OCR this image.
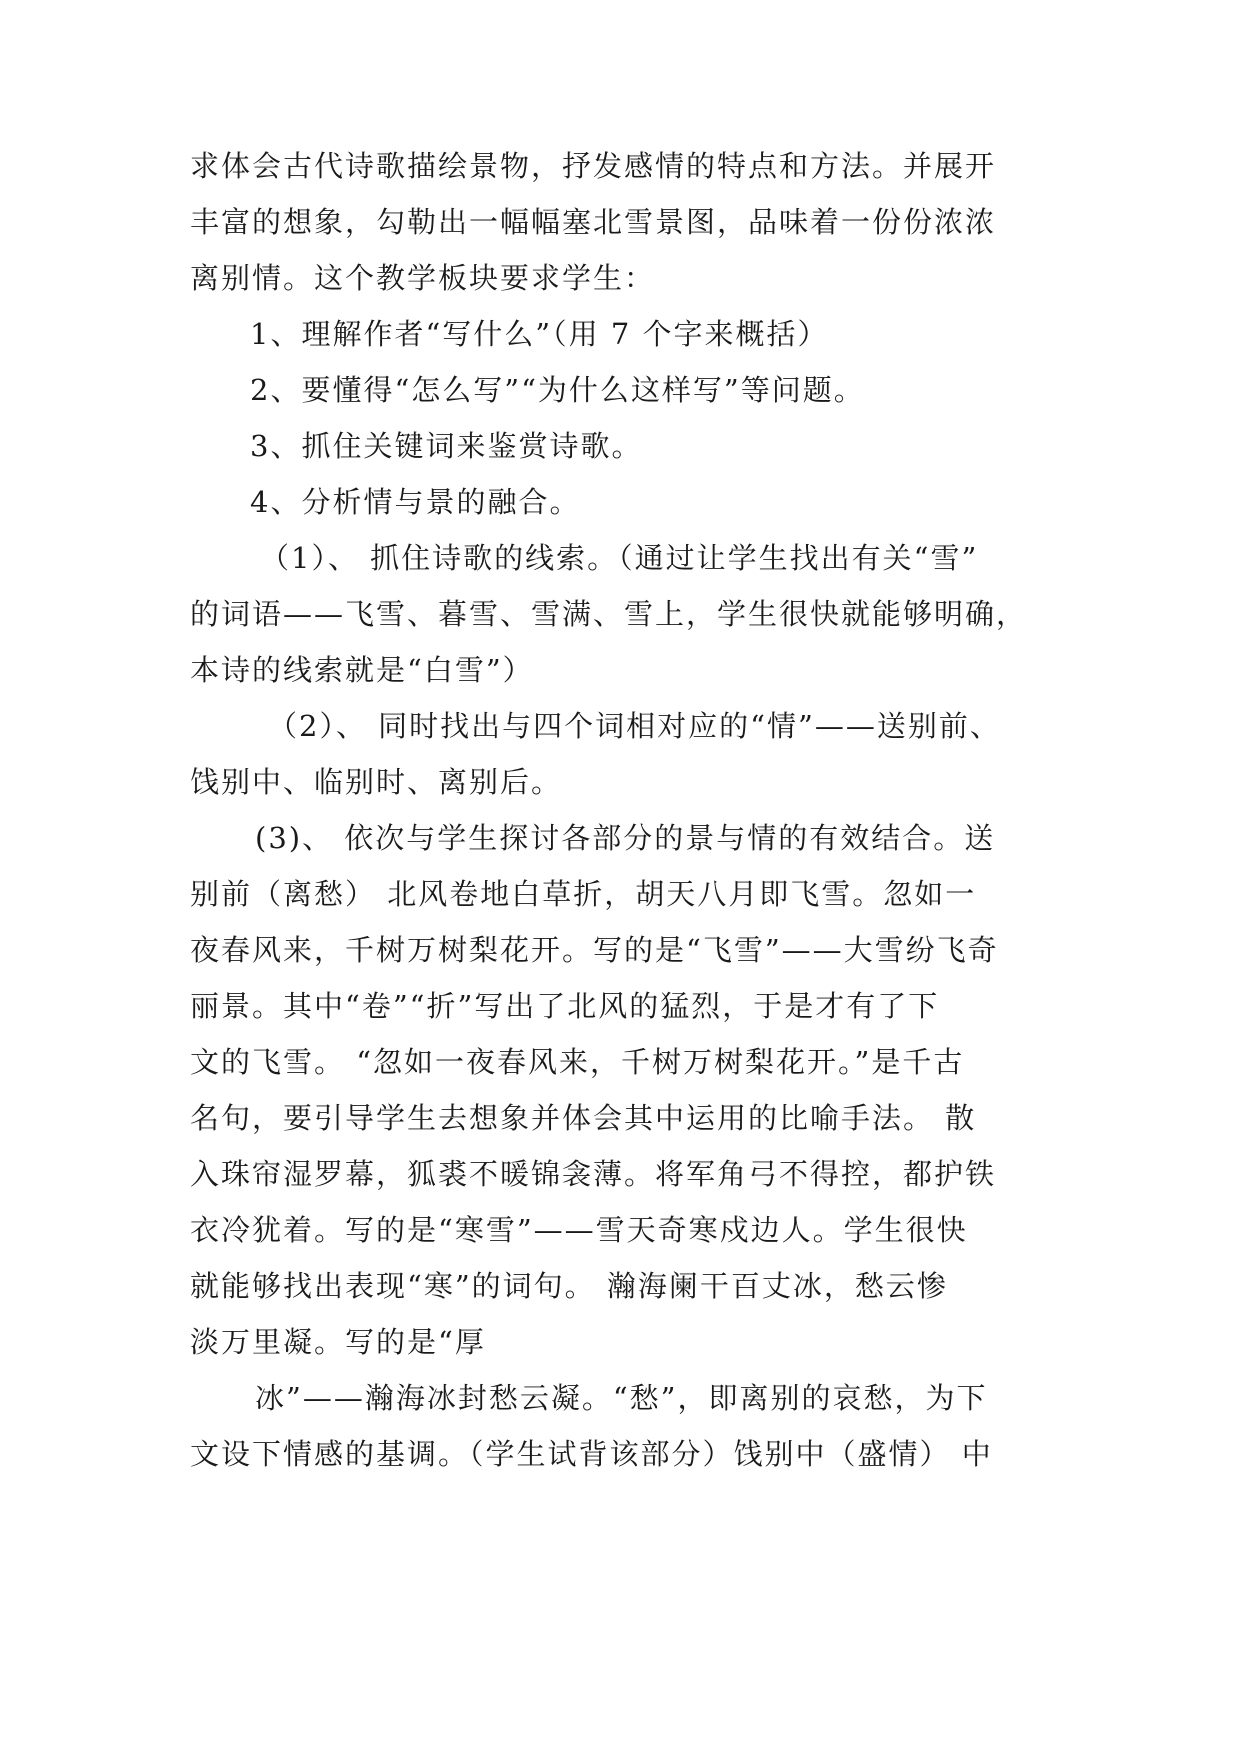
求体会古代诗歌描绘景物，抒发感情的特点和方法。并展开
丰富的想象，勾勒出一幅幅塞北雪景图，品味着一份份浓浓
离别情。这个教学板块要求学生：
1、理解作者“写什么”（用 7 个字来概括）
2、要懂得“怎么写”“为什么这样写”等问题。
3、抓住关键词来鉴赏诗歌。
4、分析情与景的融合。
（1）、 抓住诗歌的线索。（通过让学生找出有关“雪”
的词语——飞雪、暮雪、雪满、雪上，学生很快就能够明确，
本诗的线索就是“白雪”）
（2）、 同时找出与四个词相对应的“情”——送别前、
饯别中、临别时、离别后。
(3)、 依次与学生探讨各部分的景与情的有效结合。送
别前（离愁） 北风卷地白草折，胡天八月即飞雪。忽如一
夜春风来，千树万树梨花开。写的是“飞雪”——大雪纷飞奇
丽景。其中“卷”“折”写出了北风的猛烈，于是才有了下
文的飞雪。 “忽如一夜春风来，千树万树梨花开。”是千古
名句，要引导学生去想象并体会其中运用的比喻手法。 散
入珠帘湿罗幕，狐裘不暖锦衾薄。将军角弓不得控，都护铁
衣冷犹着。写的是“寒雪”——雪天奇寒戍边人。学生很快
就能够找出表现“寒”的词句。 瀚海阑干百丈冰，愁云惨
淡万里凝。写的是“厚
冰”——瀚海冰封愁云凝。“愁”，即离别的哀愁，为下
文设下情感的基调。（学生试背该部分）饯别中（盛情） 中
